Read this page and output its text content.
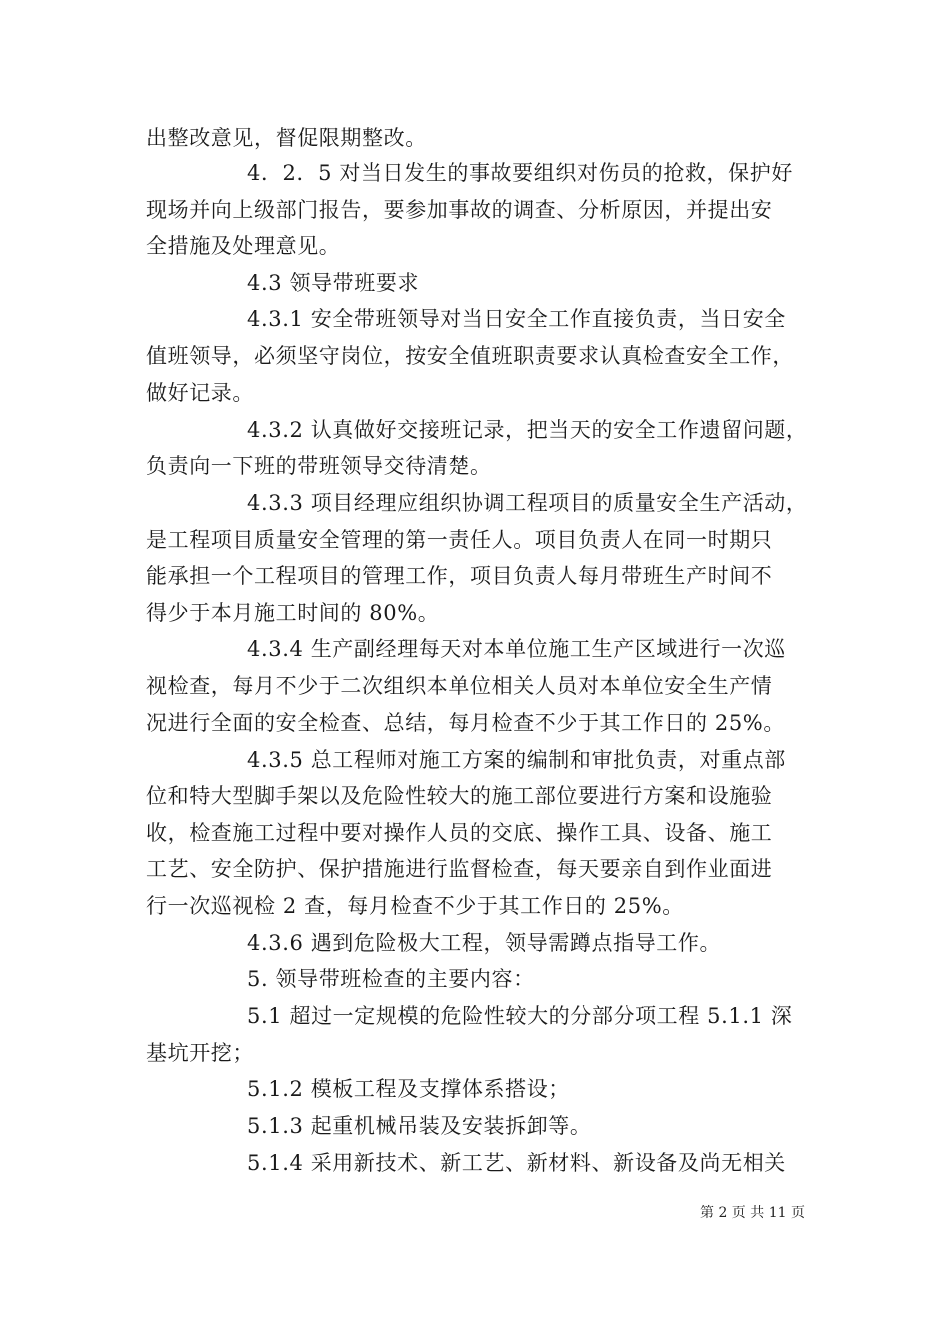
出整改意见，督促限期整改。
4．2．5 对当日发生的事故要组织对伤员的抢救，保护好
现场并向上级部门报告，要参加事故的调查、分析原因，并提出安
全措施及处理意见。
4.3 领导带班要求
4.3.1 安全带班领导对当日安全工作直接负责，当日安全
值班领导，必须坚守岗位，按安全值班职责要求认真检查安全工作，
做好记录。
4.3.2 认真做好交接班记录，把当天的安全工作遗留问题，
负责向一下班的带班领导交待清楚。
4.3.3 项目经理应组织协调工程项目的质量安全生产活动，
是工程项目质量安全管理的第一责任人。项目负责人在同一时期只
能承担一个工程项目的管理工作，项目负责人每月带班生产时间不
得少于本月施工时间的 80%。
4.3.4 生产副经理每天对本单位施工生产区域进行一次巡
视检查，每月不少于二次组织本单位相关人员对本单位安全生产情
况进行全面的安全检查、总结，每月检查不少于其工作日的 25%。
4.3.5 总工程师对施工方案的编制和审批负责，对重点部
位和特大型脚手架以及危险性较大的施工部位要进行方案和设施验
收，检查施工过程中要对操作人员的交底、操作工具、设备、施工
工艺、安全防护、保护措施进行监督检查，每天要亲自到作业面进
行一次巡视检 2 查，每月检查不少于其工作日的 25%。
4.3.6 遇到危险极大工程，领导需蹲点指导工作。
5. 领导带班检查的主要内容：
5.1 超过一定规模的危险性较大的分部分项工程 5.1.1 深
基坑开挖；
5.1.2 模板工程及支撑体系搭设；
5.1.3 起重机械吊装及安装拆卸等。
5.1.4 采用新技术、新工艺、新材料、新设备及尚无相关
第 2 页 共 11 页
